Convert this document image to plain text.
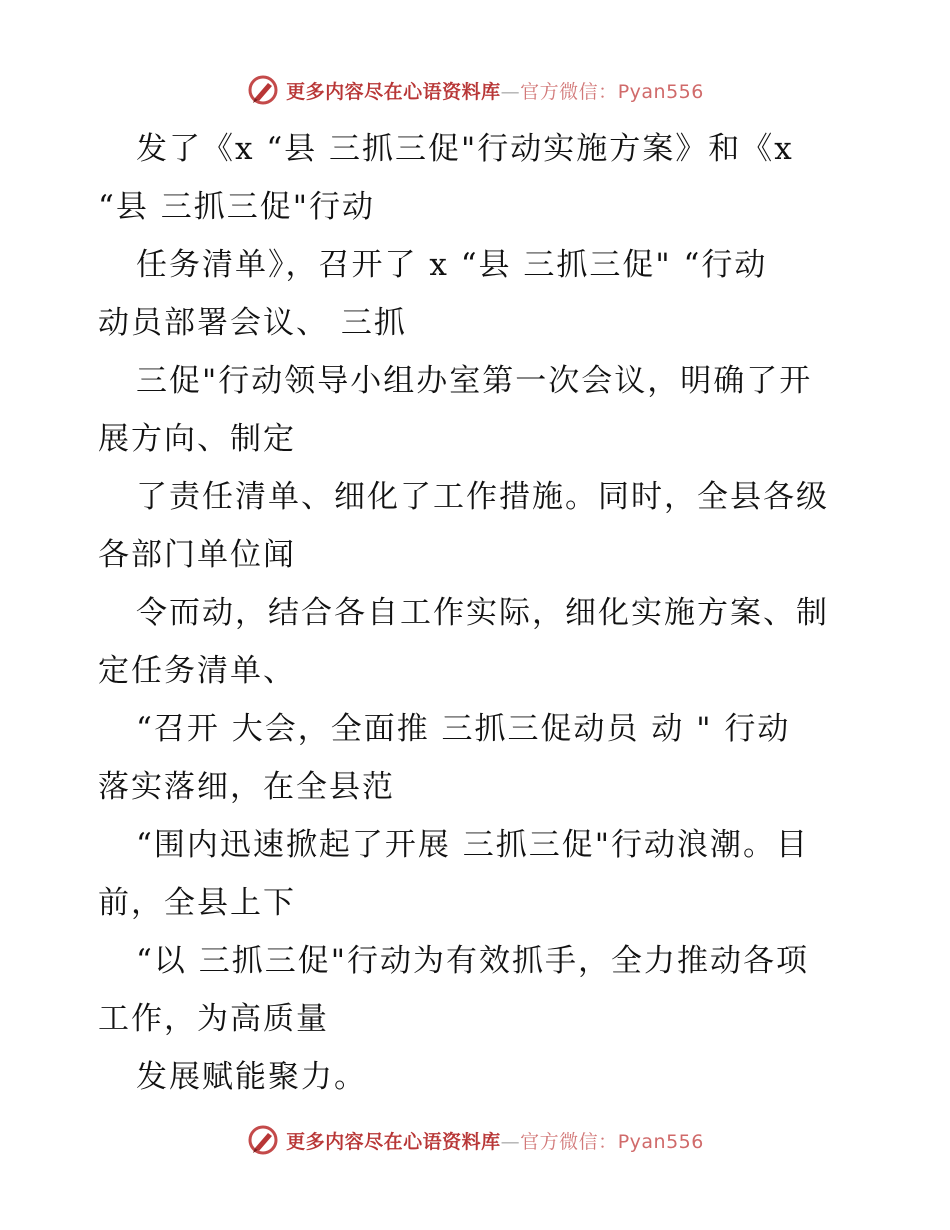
更多内容尽在心语资料库—官方微信：Pyan556

发了《x “县 三抓三促"行动实施方案》和《x

“县 三抓三促"行动

任务清单》，召开了 x “县 三抓三促" “行动

动员部署会议、 三抓

三促"行动领导小组办室第一次会议，明确了开

展方向、制定

了责任清单、细化了工作措施。同时，全县各级

各部门单位闻

令而动，结合各自工作实际，细化实施方案、制

定任务清单、

“召开 大会，全面推 三抓三促动员 动 " 行动

落实落细，在全县范

“围内迅速掀起了开展 三抓三促"行动浪潮。目

前，全县上下

“以 三抓三促"行动为有效抓手，全力推动各项

工作，为高质量

发展赋能聚力。

更多内容尽在心语资料库—官方微信：Pyan556
